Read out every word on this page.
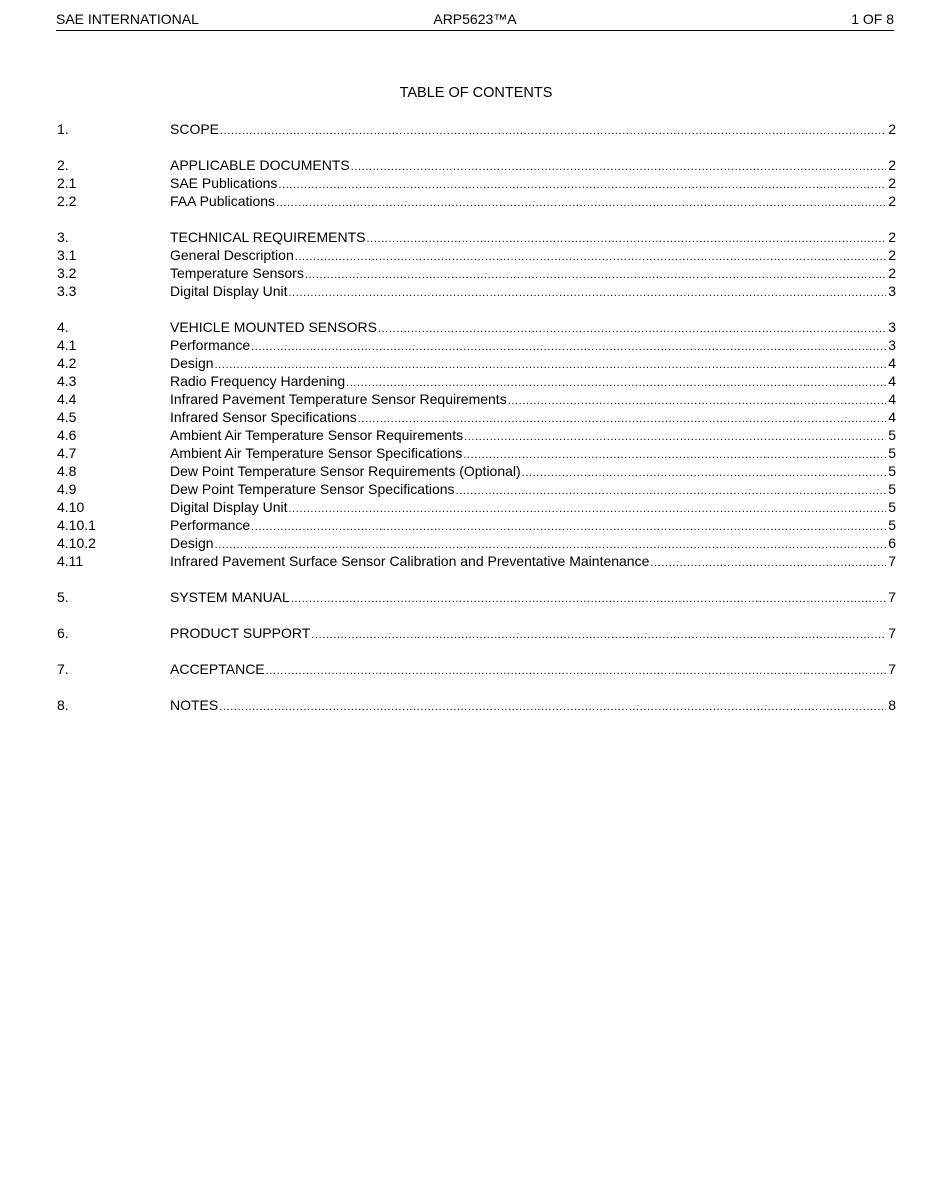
SAE INTERNATIONAL	ARP5623™A	1 OF 8
TABLE OF CONTENTS
1.	SCOPE .....	2
2.	APPLICABLE DOCUMENTS .....	2
2.1	SAE Publications .....	2
2.2	FAA Publications .....	2
3.	TECHNICAL REQUIREMENTS .....	2
3.1	General Description .....	2
3.2	Temperature Sensors .....	2
3.3	Digital Display Unit .....	3
4.	VEHICLE MOUNTED SENSORS .....	3
4.1	Performance .....	3
4.2	Design .....	4
4.3	Radio Frequency Hardening .....	4
4.4	Infrared Pavement Temperature Sensor Requirements .....	4
4.5	Infrared Sensor Specifications .....	4
4.6	Ambient Air Temperature Sensor Requirements .....	5
4.7	Ambient Air Temperature Sensor Specifications .....	5
4.8	Dew Point Temperature Sensor Requirements (Optional) .....	5
4.9	Dew Point Temperature Sensor Specifications .....	5
4.10	Digital Display Unit .....	5
4.10.1	Performance .....	5
4.10.2	Design .....	6
4.11	Infrared Pavement Surface Sensor Calibration and Preventative Maintenance .....	7
5.	SYSTEM MANUAL .....	7
6.	PRODUCT SUPPORT .....	7
7.	ACCEPTANCE .....	7
8.	NOTES .....	8
